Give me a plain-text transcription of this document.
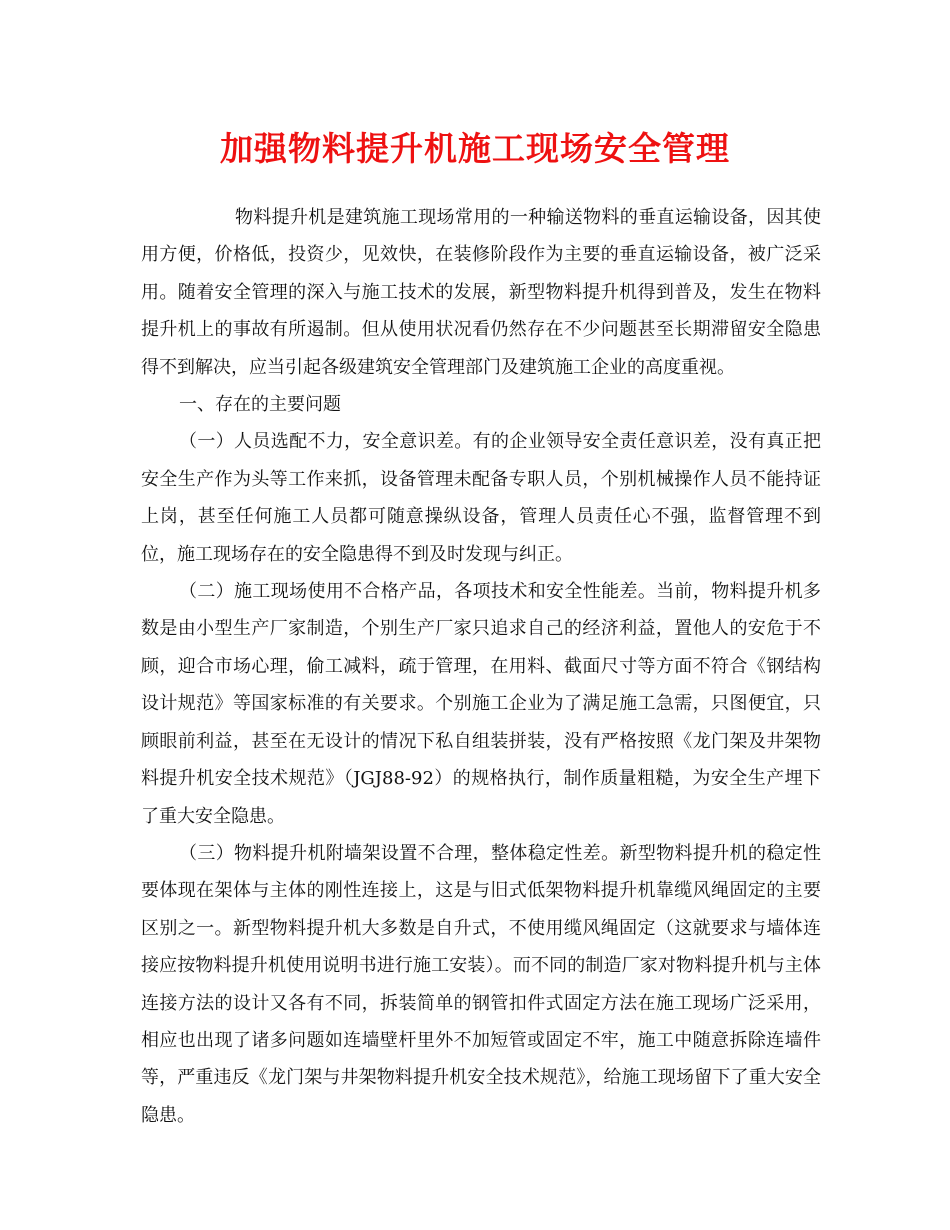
加强物料提升机施工现场安全管理

物料提升机是建筑施工现场常用的一种输送物料的垂直运输设备，因其使用方便，价格低，投资少，见效快，在装修阶段作为主要的垂直运输设备，被广泛采用。随着安全管理的深入与施工技术的发展，新型物料提升机得到普及，发生在物料提升机上的事故有所遏制。但从使用状况看仍然存在不少问题甚至长期滞留安全隐患得不到解决，应当引起各级建筑安全管理部门及建筑施工企业的高度重视。

一、存在的主要问题

（一）人员选配不力，安全意识差。有的企业领导安全责任意识差，没有真正把安全生产作为头等工作来抓，设备管理未配备专职人员，个别机械操作人员不能持证上岗，甚至任何施工人员都可随意操纵设备，管理人员责任心不强，监督管理不到位，施工现场存在的安全隐患得不到及时发现与纠正。

（二）施工现场使用不合格产品，各项技术和安全性能差。当前，物料提升机多数是由小型生产厂家制造，个别生产厂家只追求自己的经济利益，置他人的安危于不顾，迎合市场心理，偷工减料，疏于管理，在用料、截面尺寸等方面不符合《钢结构设计规范》等国家标准的有关要求。个别施工企业为了满足施工急需，只图便宜，只顾眼前利益，甚至在无设计的情况下私自组装拼装，没有严格按照《龙门架及井架物料提升机安全技术规范》（JGJ88-92）的规格执行，制作质量粗糙，为安全生产埋下了重大安全隐患。

（三）物料提升机附墙架设置不合理，整体稳定性差。新型物料提升机的稳定性要体现在架体与主体的刚性连接上，这是与旧式低架物料提升机靠缆风绳固定的主要区别之一。新型物料提升机大多数是自升式，不使用缆风绳固定（这就要求与墙体连接应按物料提升机使用说明书进行施工安装）。而不同的制造厂家对物料提升机与主体连接方法的设计又各有不同，拆装简单的钢管扣件式固定方法在施工现场广泛采用，相应也出现了诸多问题如连墙壁杆里外不加短管或固定不牢，施工中随意拆除连墙件等，严重违反《龙门架与井架物料提升机安全技术规范》，给施工现场留下了重大安全隐患。
